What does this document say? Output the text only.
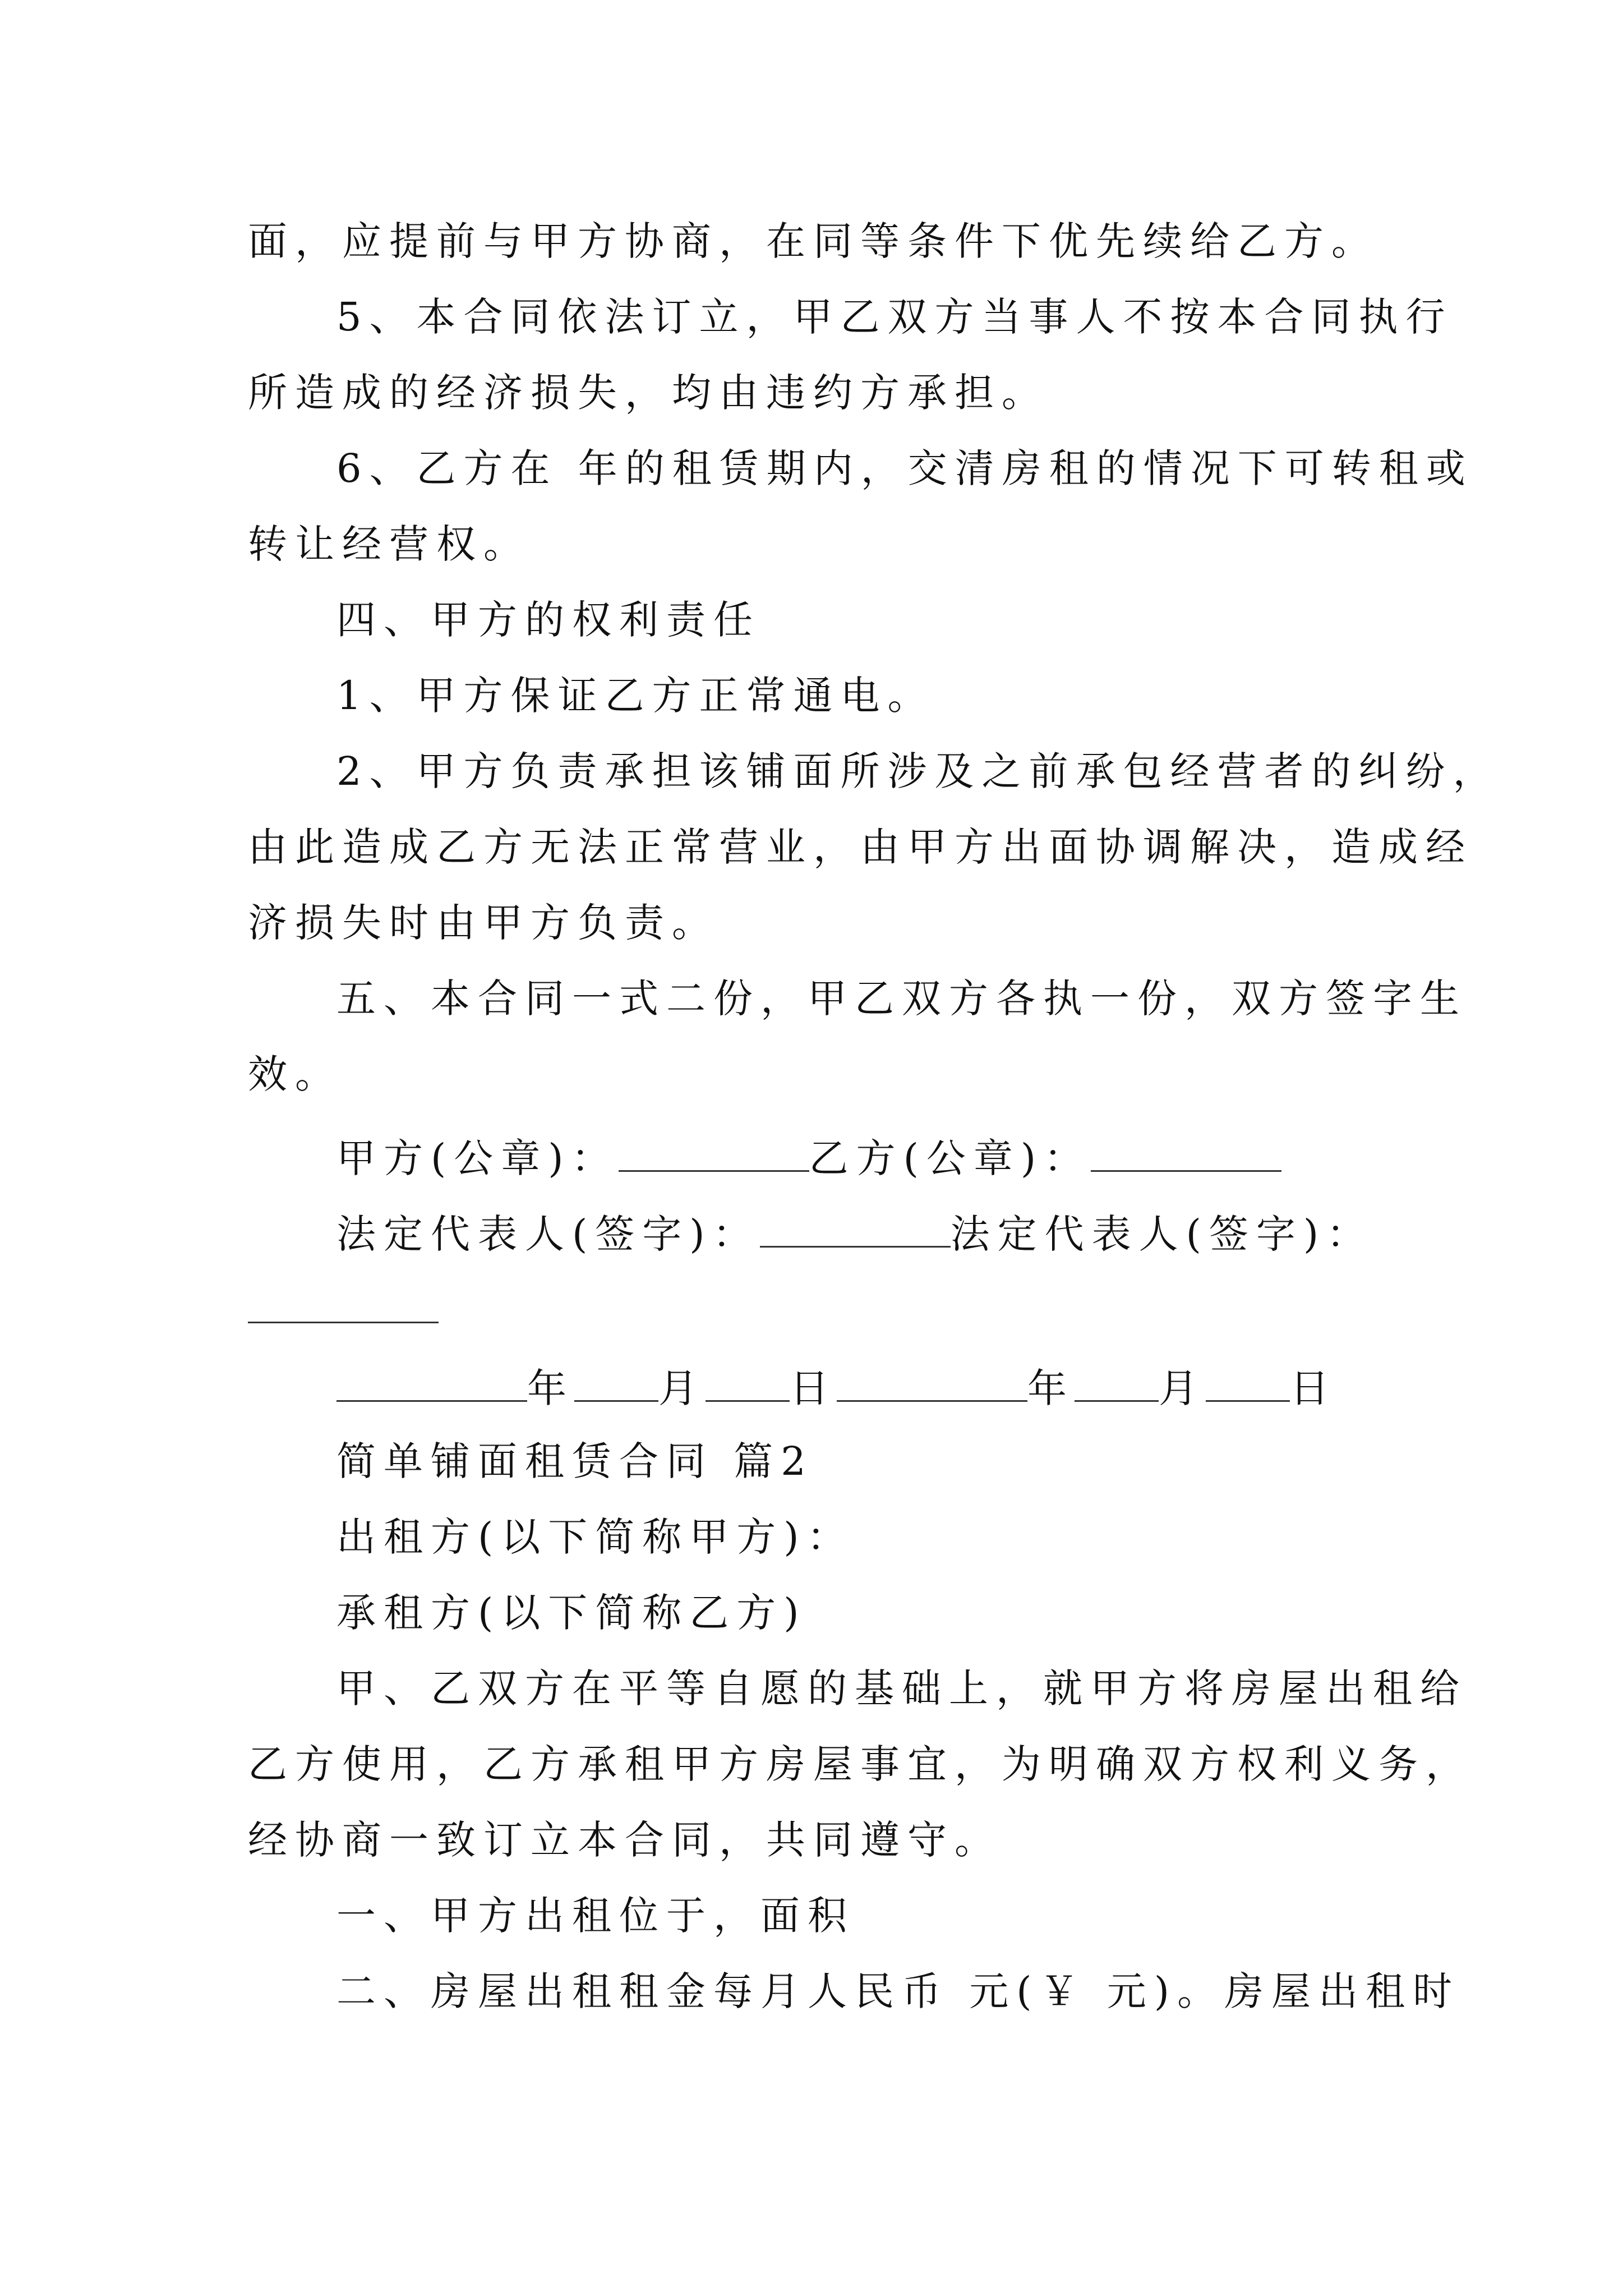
面，应提前与甲方协商，在同等条件下优先续给乙方。
5、本合同依法订立，甲乙双方当事人不按本合同执行
所造成的经济损失，均由违约方承担。
6、乙方在 年的租赁期内，交清房租的情况下可转租或
转让经营权。
四、甲方的权利责任
1、甲方保证乙方正常通电。
2、甲方负责承担该铺面所涉及之前承包经营者的纠纷，
由此造成乙方无法正常营业，由甲方出面协调解决，造成经
济损失时由甲方负责。
五、本合同一式二份，甲乙双方各执一份，双方签字生
效。
甲方(公章)：	乙方(公章)：
法定代表人(签字)：	法定代表人(签字)：
年 月 日	年 月 日
简单铺面租赁合同 篇2
出租方(以下简称甲方)：
承租方(以下简称乙方)
甲、乙双方在平等自愿的基础上，就甲方将房屋出租给
乙方使用，乙方承租甲方房屋事宜，为明确双方权利义务，
经协商一致订立本合同，共同遵守。
一、甲方出租位于，面积
二、房屋出租租金每月人民币 元(￥ 元)。房屋出租时
